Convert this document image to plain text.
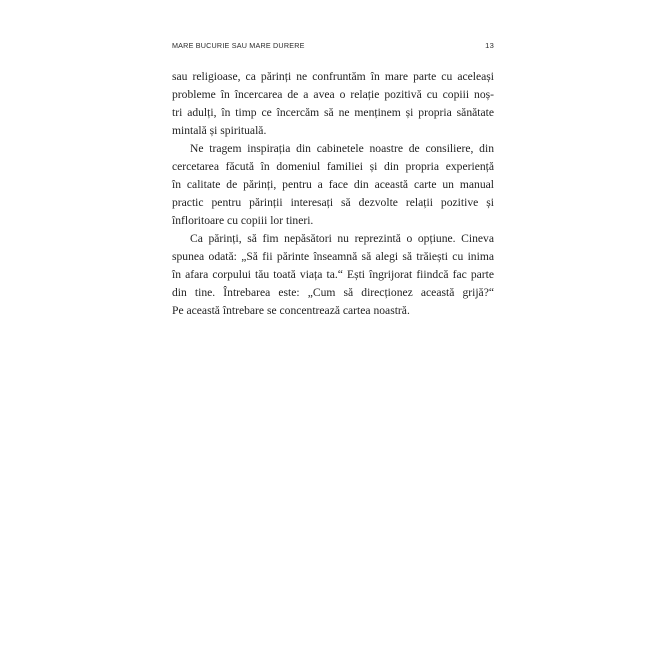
MARE BUCURIE SAU MARE DURERE	13

sau religioase, ca părinți ne confruntăm în mare parte cu aceleași
probleme în încercarea de a avea o relație pozitivă cu copiii noș-
tri adulți, în timp ce încercăm să ne menținem și propria sănătate
mintală și spirituală.

Ne tragem inspirația din cabinetele noastre de consiliere, din
cercetarea făcută în domeniul familiei și din propria experiență
în calitate de părinți, pentru a face din această carte un manual
practic pentru părinții interesați să dezvolte relații pozitive și
înfloritoare cu copiii lor tineri.

Ca părinți, să fim nepăsători nu reprezintă o opțiune. Cineva
spunea odată: „Să fii părinte înseamnă să alegi să trăiești cu inima
în afara corpului tău toată viața ta.“ Ești îngrijorat fiindcă fac parte
din tine. Întrebarea este: „Cum să direcționez această grijă?“
Pe această întrebare se concentrează cartea noastră.
